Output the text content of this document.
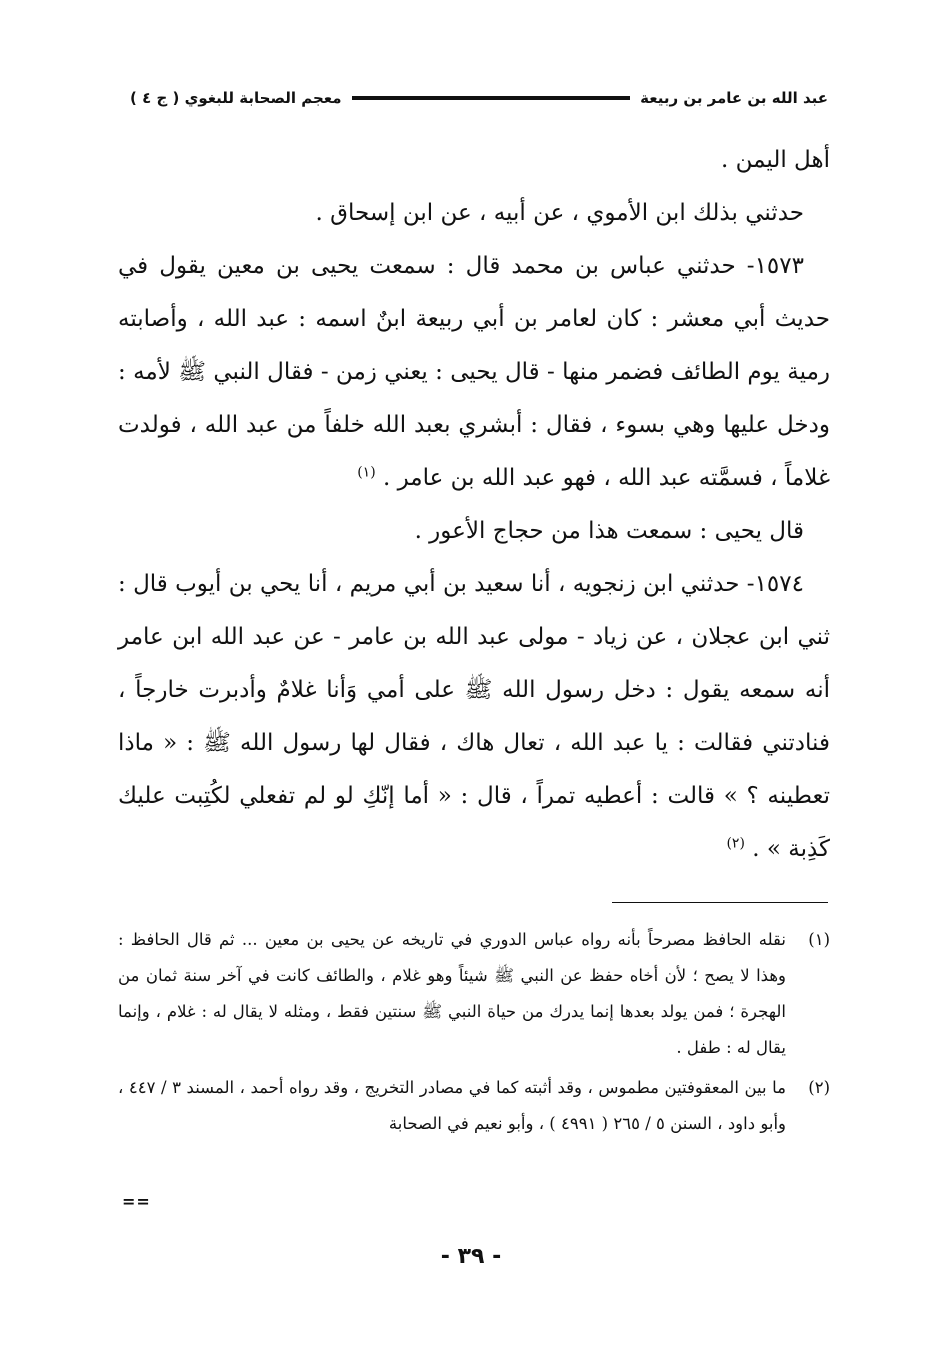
عبد الله بن عامر بن ربيعة
معجم الصحابة للبغوي ( ج ٤ )

أهل اليمن .

حدثني بذلك ابن الأموي ، عن أبيه ، عن ابن إسحاق .

١٥٧٣- حدثني عباس بن محمد قال : سمعت يحيى بن معين يقول في حديث أبي معشر : كان لعامر بن أبي ربيعة ابنٌ اسمه : عبد الله ، وأصابته رمية يوم الطائف فضمر منها - قال يحيى : يعني زمن - فقال النبي ﷺ لأمه : ودخل عليها وهي بسوء ، فقال : أبشري بعبد الله خلفاً من عبد الله ، فولدت غلاماً ، فسمَّته عبد الله ، فهو عبد الله بن عامر . $^{(١)}$

قال يحيى : سمعت هذا من حجاج الأعور .

١٥٧٤- حدثني ابن زنجويه ، أنا سعيد بن أبي مريم ، أنا يحي بن أيوب قال : ثني ابن عجلان ، عن زياد - مولى عبد الله بن عامر - عن عبد الله ابن عامر أنه سمعه يقول : دخل رسول الله ﷺ على أمي وَأنا غلامٌ وأدبرت خارجاً ، فنادتني فقالت : يا عبد الله ، تعال هاك ، فقال لها رسول الله ﷺ : « ماذا تعطينه ؟ » قالت : أعطيه تمراً ، قال : « أما إنّكِ لو لم تفعلي لكُتِبت عليك كَذِبة » . $^{(٢)}$

(١)
نقله الحافظ مصرحاً بأنه رواه عباس الدوري في تاريخه عن يحيى بن معين ... ثم قال الحافظ : وهذا لا يصح ؛ لأن أخاه حفظ عن النبي ﷺ شيئاً وهو غلام ، والطائف كانت في آخر سنة ثمان من الهجرة ؛ فمن يولد بعدها إنما يدرك من حياة النبي ﷺ سنتين فقط ، ومثله لا يقال له : غلام ، وإنما يقال له : طفل .
(٢)
ما بين المعقوفتين مطموس ، وقد أثبته كما في مصادر التخريج ، وقد رواه أحمد ، المسند ٣ / ٤٤٧ ، وأبو داود ، السنن ٥ / ٢٦٥ ( ٤٩٩١ ) ، وأبو نعيم في الصحابة
==
- ٣٩ -
